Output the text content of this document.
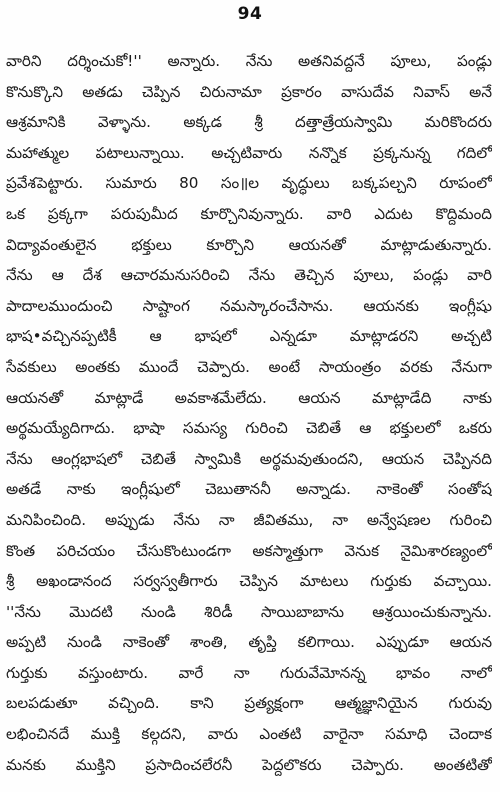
94
వారిని దర్శించుకో!'' అన్నారు. నేను అతనివద్దనే పూలు, పండ్లు
కొనుక్కొని అతడు చెప్పిన చిరునామా ప్రకారం వాసుదేవ నివాస్ అనే
ఆశ్రమానికి వెళ్ళాను. అక్కడ శ్రీ దత్తాత్రేయస్వామి మరికొందరు
మహాత్ముల పటాలున్నాయి. అచ్చటివారు నన్నొక ప్రక్కనున్న గదిలో
ప్రవేశపెట్టారు. సుమారు 80 సం॥ల వృద్ధులు బక్కపల్చని రూపంలో
ఒక ప్రక్కగా పరుపుమీద కూర్చొనివున్నారు. వారి ఎదుట కొద్దిమంది
విద్యావంతులైన భక్తులు కూర్చొని ఆయనతో మాట్లాడుతున్నారు.
నేను ఆ దేశ ఆచారమనుసరించి నేను తెచ్చిన పూలు, పండ్లు వారి
పాదాలముందుంచి సాష్టాంగ నమస్కారంచేసాను. ఆయనకు ఇంగ్లీషు
భాష•వచ్చినప్పటికీ ఆ భాషలో ఎన్నడూ మాట్లాడరని అచ్చటి
సేవకులు అంతకు ముందే చెప్పారు. అంటే సాయంత్రం వరకు నేనుగా
ఆయనతో మాట్లాడే అవకాశమేలేదు. ఆయన మాట్లాడేది నాకు
అర్థమయ్యేదిగాదు. భాషా సమస్య గురించి చెబితే ఆ భక్తులలో ఒకరు
నేను ఆంగ్లభాషలో చెబితే స్వామికి అర్థమవుతుందని, ఆయన చెప్పినది
అతడే నాకు ఇంగ్లీషులో చెబుతాననీ అన్నాడు. నాకెంతో సంతోష
మనిపించింది. అప్పుడు నేను నా జీవితము, నా అన్వేషణల గురించి
కొంత పరిచయం చేసుకొంటుండగా అకస్మాత్తుగా వెనుక నైమిశారణ్యంలో
శ్రీ అఖండానంద సర్వస్వతీగారు చెప్పిన మాటలు గుర్తుకు వచ్చాయి.
''నేను మొదటి నుండి శిరిడీ సాయిబాబాను ఆశ్రయించుకున్నాను.
అప్పటి నుండి నాకెంతో శాంతి, తృప్తి కలిగాయి. ఎప్పుడూ ఆయన
గుర్తుకు వస్తుంటారు. వారే నా గురువేమోనన్న భావం నాలో
బలపడుతూ వచ్చింది. కాని ప్రత్యక్షంగా ఆత్మజ్ఞానియైన గురువు
లభించినదే ముక్తి కల్గదని, వారు ఎంతటి వారైనా సమాధి చెందాక
మనకు ముక్తిని ప్రసాదించలేరనీ పెద్దలొకరు చెప్పారు. అంతటితో
